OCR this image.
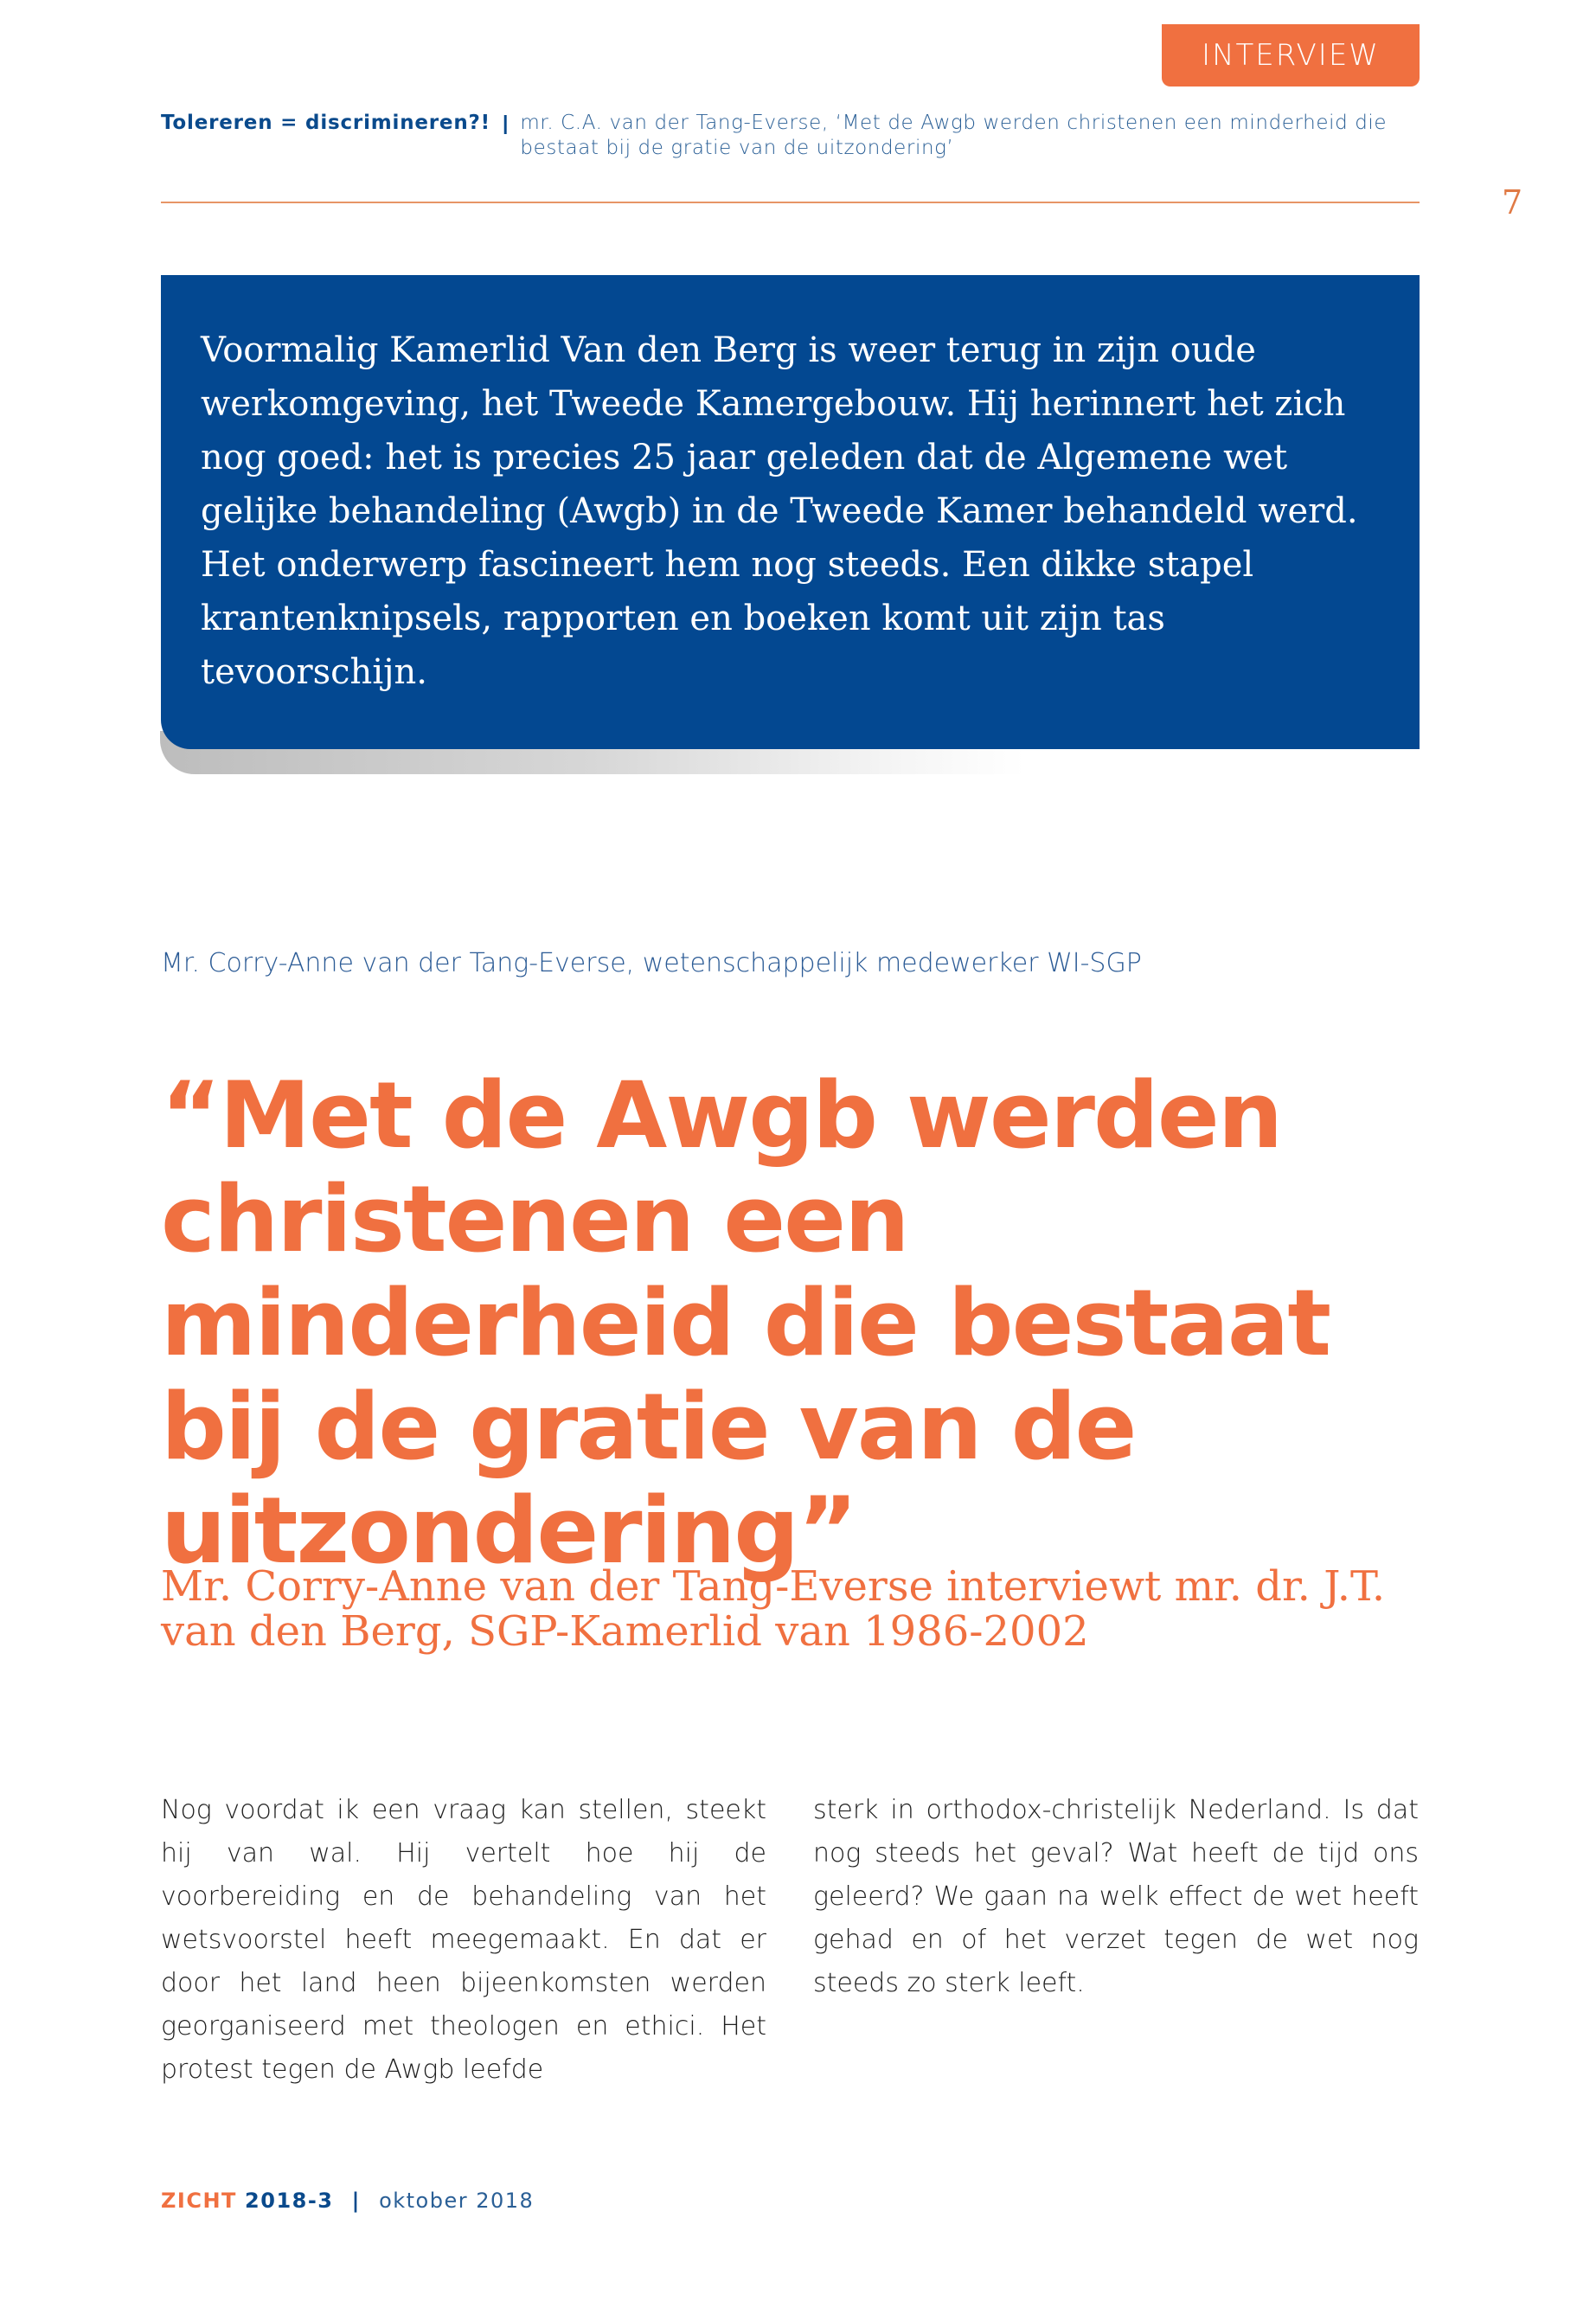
INTERVIEW
Tolereren = discrimineren?! | mr. C.A. van der Tang-Everse, ‘Met de Awgb werden christenen een minderheid die bestaat bij de gratie van de uitzondering’
7

Voormalig Kamerlid Van den Berg is weer terug in zijn oude werkomgeving, het Tweede Kamergebouw. Hij herinnert het zich nog goed: het is precies 25 jaar geleden dat de Algemene wet gelijke behandeling (Awgb) in de Tweede Kamer behandeld werd. Het onderwerp fascineert hem nog steeds. Een dikke stapel krantenknipsels, rapporten en boeken komt uit zijn tas tevoorschijn.

Mr. Corry-Anne van der Tang-Everse, wetenschappelijk medewerker WI-SGP
“Met de Awgb werden christenen een minderheid die bestaat bij de gratie van de uitzondering”
Mr. Corry-Anne van der Tang-Everse interviewt mr. dr. J.T. van den Berg, SGP-Kamerlid van 1986-2002

Nog voordat ik een vraag kan stellen, steekt hij van wal. Hij vertelt hoe hij de voorbereiding en de behandeling van het wetsvoorstel heeft meegemaakt. En dat er door het land heen bijeenkomsten werden georganiseerd met theologen en ethici. Het protest tegen de Awgb leefde

sterk in orthodox-christelijk Nederland. Is dat nog steeds het geval? Wat heeft de tijd ons geleerd? We gaan na welk effect de wet heeft gehad en of het verzet tegen de wet nog steeds zo sterk leeft.

ZICHT 2018-3 | oktober 2018
